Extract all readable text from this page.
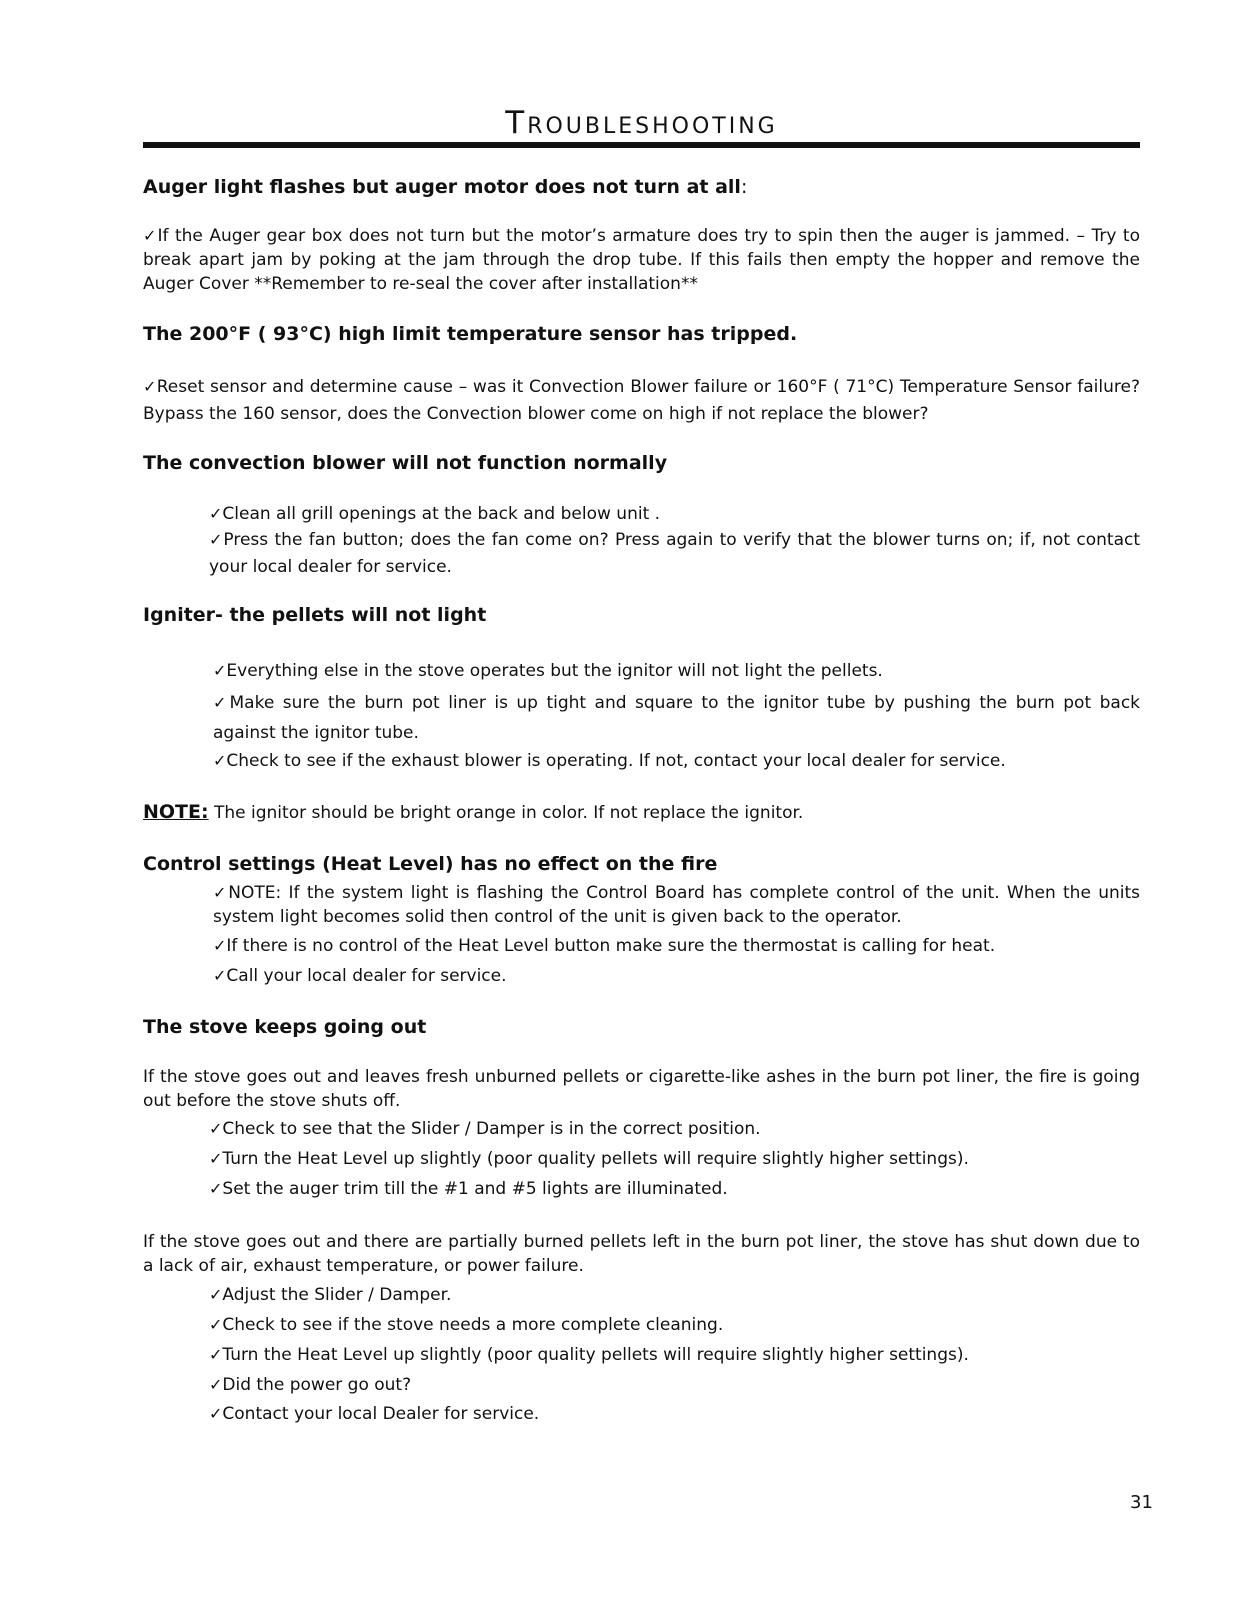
Troubleshooting

Auger light flashes but auger motor does not turn at all:

✓If the Auger gear box does not turn but the motor’s armature does try to spin then the auger is jammed. – Try to break apart jam by poking at the jam through the drop tube. If this fails then empty the hopper and remove the Auger Cover **Remember to re-seal the cover after installation**

The 200°F ( 93°C) high limit temperature sensor has tripped.

✓Reset sensor and determine cause – was it Convection Blower failure or 160°F ( 71°C) Temperature Sensor failure? Bypass the 160 sensor, does the Convection blower come on high if not replace the blower?

The convection blower will not function normally

✓Clean all grill openings at the back and below unit .

✓Press the fan button; does the fan come on? Press again to verify that the blower turns on; if, not contact your local dealer for service.

Igniter- the pellets will not light

✓Everything else in the stove operates but the ignitor will not light the pellets.

✓Make sure the burn pot liner is up tight and square to the ignitor tube by pushing the burn pot back against the ignitor tube.

✓Check to see if the exhaust blower is operating. If not, contact your local dealer for service.

NOTE: The ignitor should be bright orange in color. If not replace the ignitor.

Control settings (Heat Level) has no effect on the fire

✓NOTE: If the system light is flashing the Control Board has complete control of the unit. When the units system light becomes solid then control of the unit is given back to the operator.

✓If there is no control of the Heat Level button make sure the thermostat is calling for heat.

✓Call your local dealer for service.

The stove keeps going out

If the stove goes out and leaves fresh unburned pellets or cigarette-like ashes in the burn pot liner, the fire is going out before the stove shuts off.

✓Check to see that the Slider / Damper is in the correct position.

✓Turn the Heat Level up slightly (poor quality pellets will require slightly higher settings).

✓Set the auger trim till the #1 and #5 lights are illuminated.

If the stove goes out and there are partially burned pellets left in the burn pot liner, the stove has shut down due to a lack of air, exhaust temperature, or power failure.

✓Adjust the Slider / Damper.

✓Check to see if the stove needs a more complete cleaning.

✓Turn the Heat Level up slightly (poor quality pellets will require slightly higher settings).

✓Did the power go out?

✓Contact your local Dealer for service.

31
